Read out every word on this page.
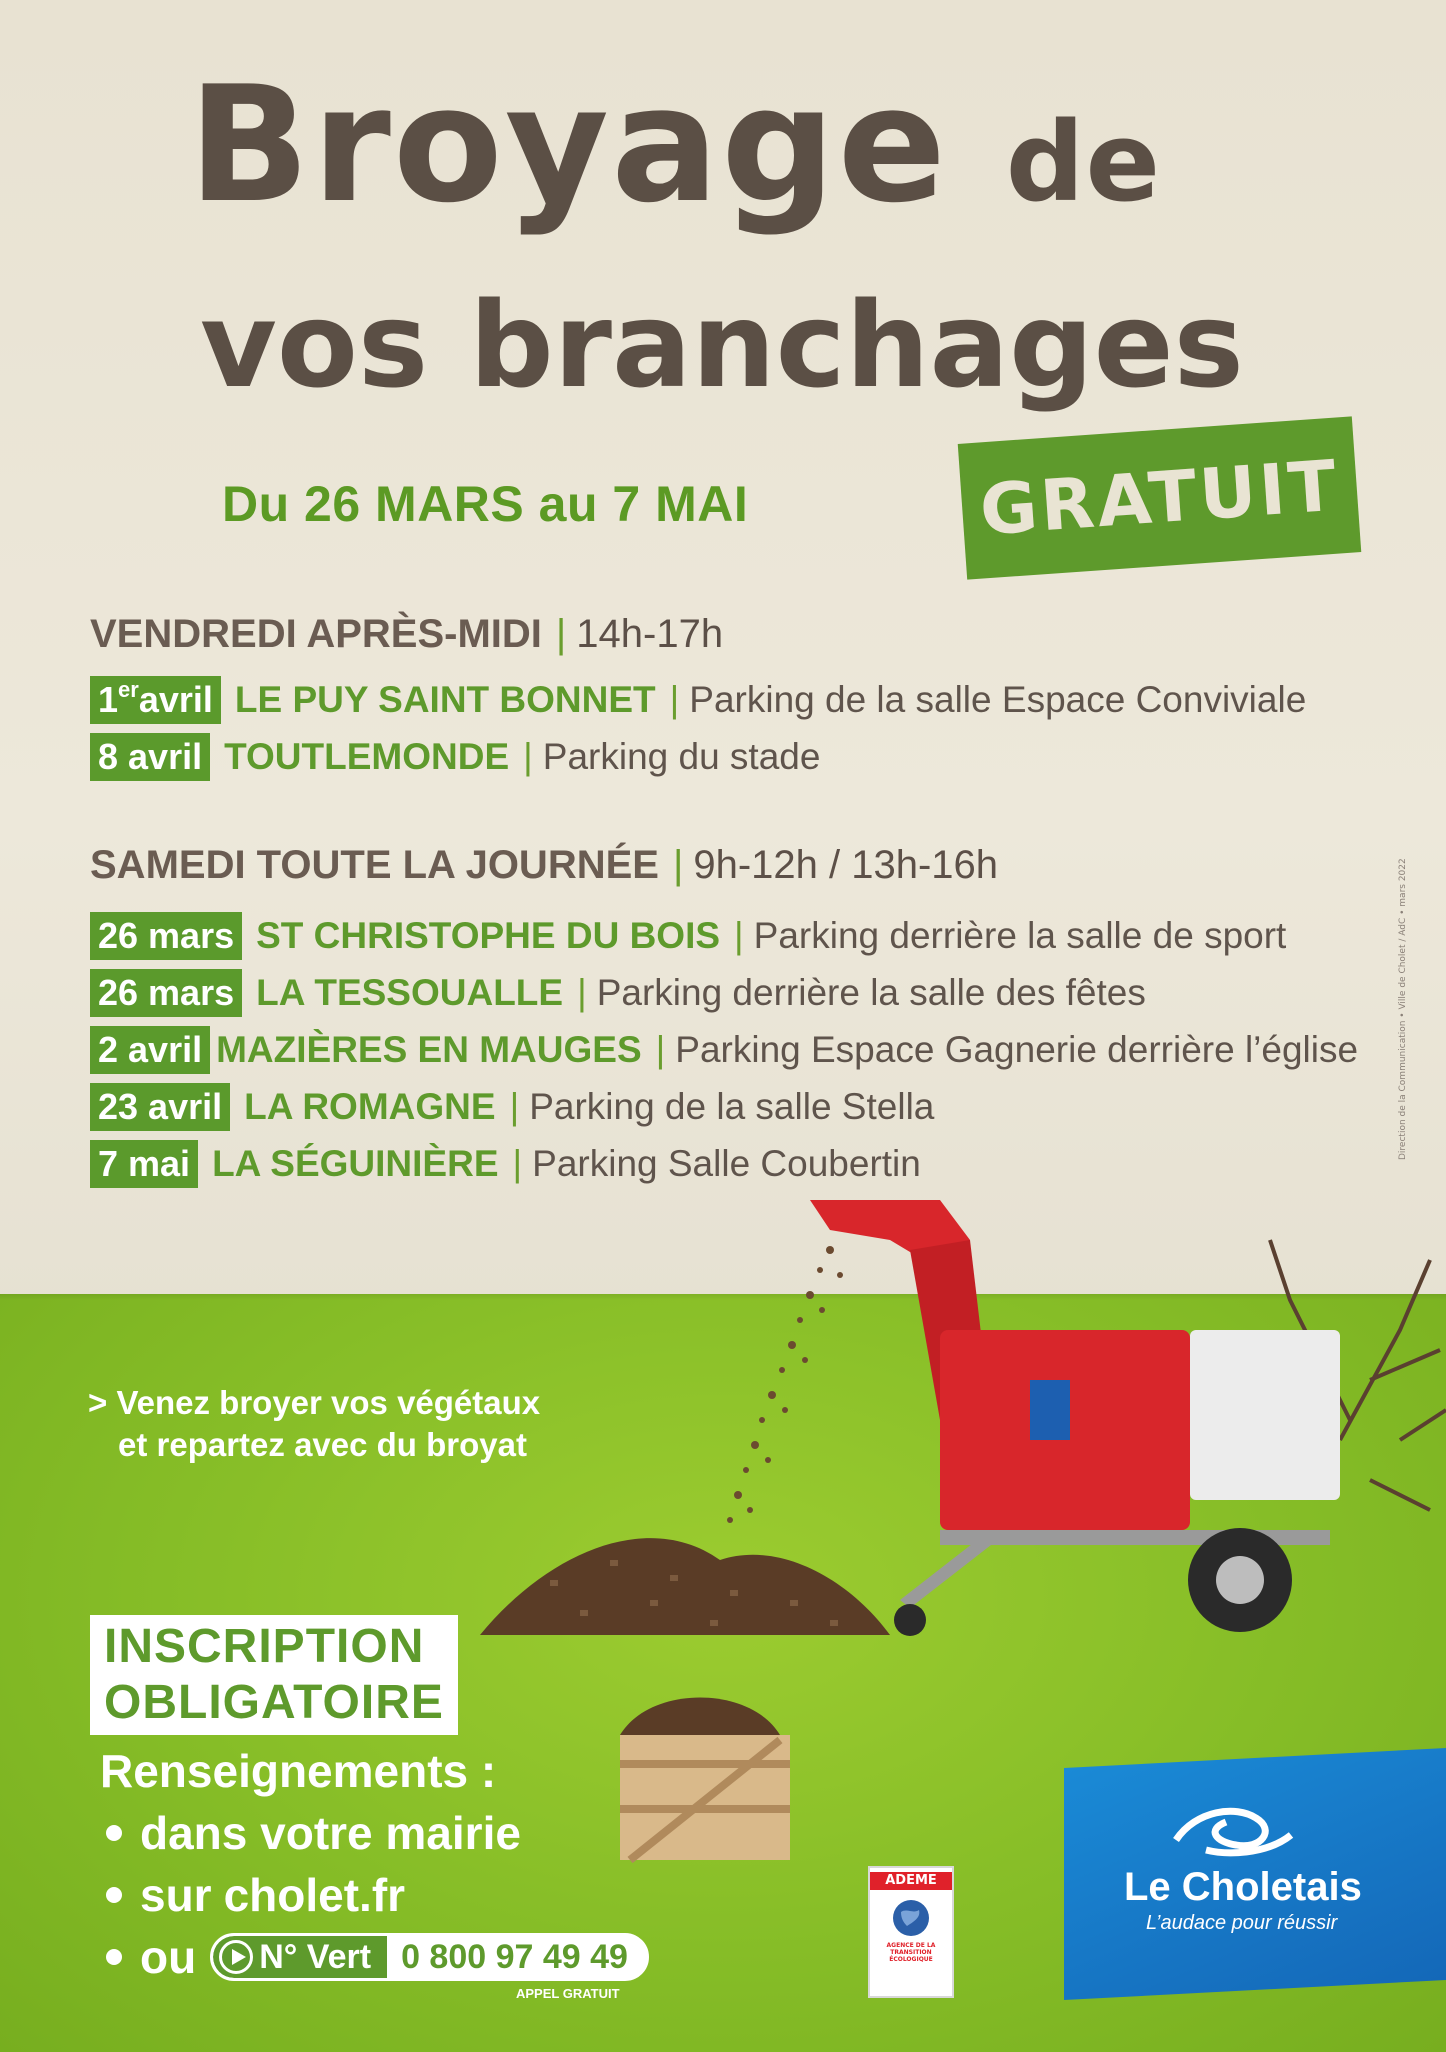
Broyage de
vos branchages
Du 26 MARS au 7 MAI	GRATUIT
VENDREDI APRÈS-MIDI | 14h-17h
1er avril LE PUY SAINT BONNET | Parking de la salle Espace Conviviale
8 avril TOUTLEMONDE | Parking du stade
SAMEDI TOUTE LA JOURNÉE | 9h-12h / 13h-16h
26 mars ST CHRISTOPHE DU BOIS | Parking derrière la salle de sport
26 mars LA TESSOUALLE | Parking derrière la salle des fêtes
2 avril MAZIÈRES EN MAUGES | Parking Espace Gagnerie derrière l’église
23 avril LA ROMAGNE | Parking de la salle Stella
7 mai LA SÉGUINIÈRE | Parking Salle Coubertin
Direction de la Communication • Ville de Cholet / AdC • mars 2022
> Venez broyer vos végétaux
et repartez avec du broyat
INSCRIPTION
OBLIGATOIRE
Renseignements :
dans votre mairie
sur cholet.fr
ou N° Vert 0 800 97 49 49
APPEL GRATUIT
ADEME
AGENCE DE LA TRANSITION ÉCOLOGIQUE
Le Choletais
L’audace pour réussir
